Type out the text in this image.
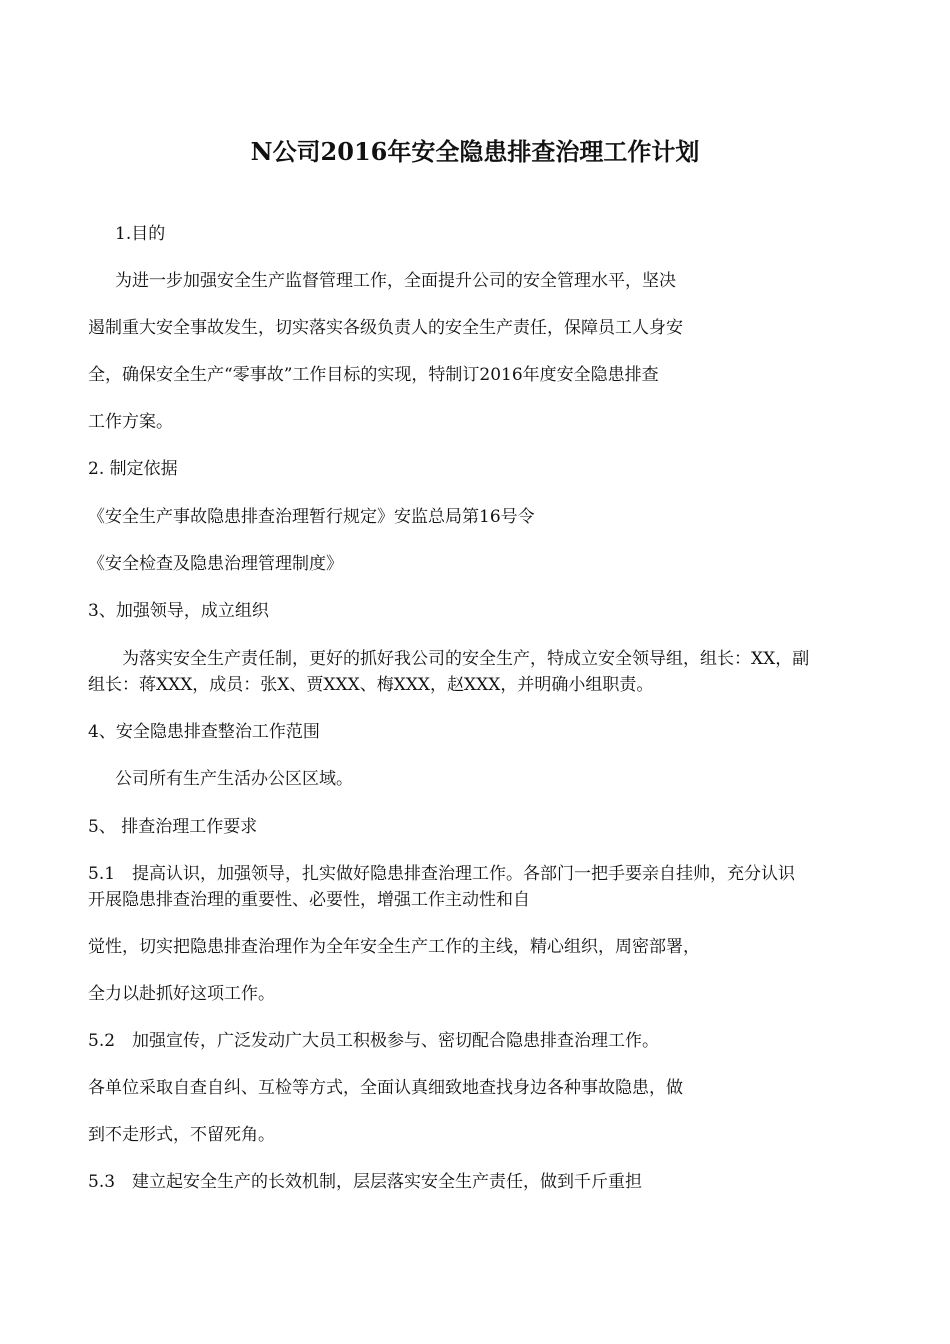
N公司2016年安全隐患排查治理工作计划
1.目的
为进一步加强安全生产监督管理工作，全面提升公司的安全管理水平，坚决
遏制重大安全事故发生，切实落实各级负责人的安全生产责任，保障员工人身安
全，确保安全生产“零事故”工作目标的实现，特制订2016年度安全隐患排查
工作方案。
2. 制定依据
《安全生产事故隐患排查治理暂行规定》安监总局第16号令
《安全检查及隐患治理管理制度》
3、加强领导，成立组织
为落实安全生产责任制，更好的抓好我公司的安全生产，特成立安全领导组，组长：XX，副
组长：蒋XXX，成员：张X、贾XXX、梅XXX，赵XXX，并明确小组职责。
4、安全隐患排查整治工作范围
公司所有生产生活办公区区域。
5、 排查治理工作要求
5.1　提高认识，加强领导，扎实做好隐患排查治理工作。各部门一把手要亲自挂帅，充分认识
开展隐患排查治理的重要性、必要性，增强工作主动性和自
觉性，切实把隐患排查治理作为全年安全生产工作的主线，精心组织，周密部署，
全力以赴抓好这项工作。
5.2　加强宣传，广泛发动广大员工积极参与、密切配合隐患排查治理工作。
各单位采取自查自纠、互检等方式，全面认真细致地查找身边各种事故隐患，做
到不走形式，不留死角。
5.3　建立起安全生产的长效机制，层层落实安全生产责任，做到千斤重担
